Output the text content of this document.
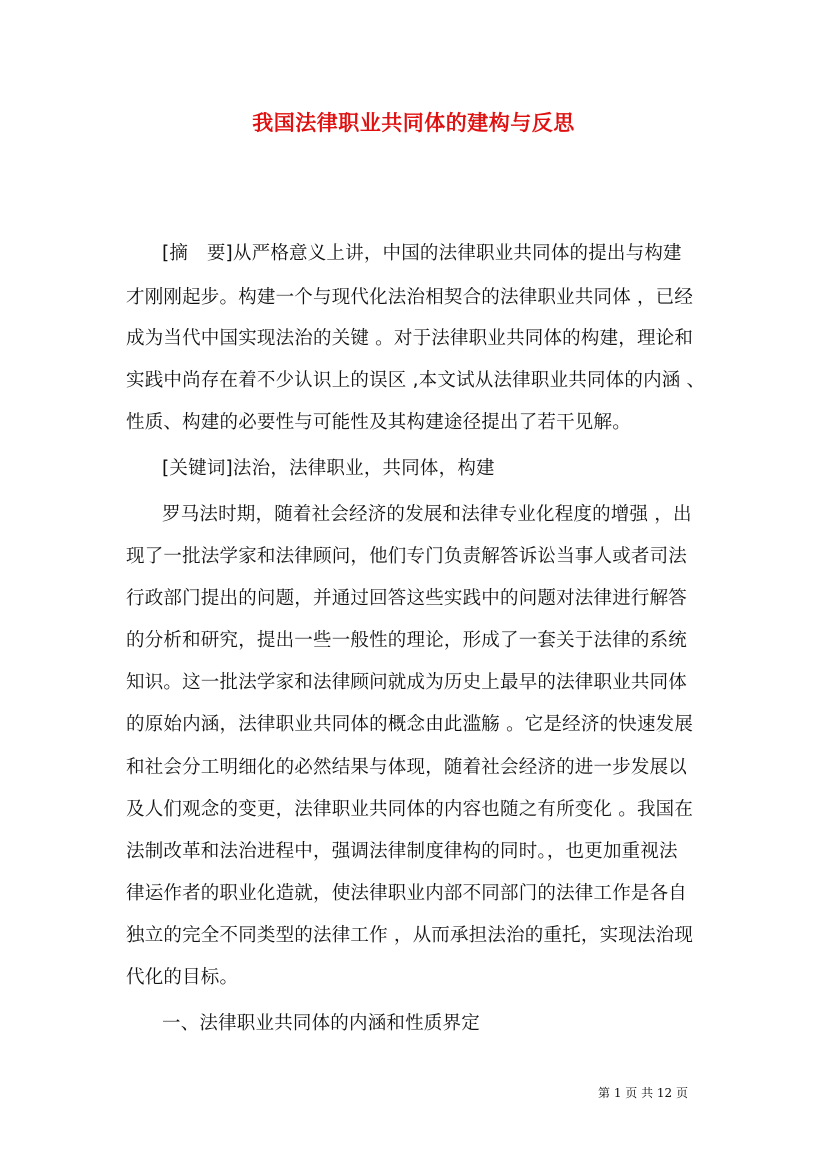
我国法律职业共同体的建构与反思
[摘　要]从严格意义上讲，中国的法律职业共同体的提出与构建
才刚刚起步。构建一个与现代化法治相契合的法律职业共同体 ，已经
成为当代中国实现法治的关键 。对于法律职业共同体的构建，理论和
实践中尚存在着不少认识上的误区 ,本文试从法律职业共同体的内涵 、
性质、构建的必要性与可能性及其构建途径提出了若干见解。
[关键词]法治，法律职业，共同体，构建
罗马法时期，随着社会经济的发展和法律专业化程度的增强 ，出
现了一批法学家和法律顾问，他们专门负责解答诉讼当事人或者司法
行政部门提出的问题，并通过回答这些实践中的问题对法律进行解答
的分析和研究，提出一些一般性的理论，形成了一套关于法律的系统
知识。这一批法学家和法律顾问就成为历史上最早的法律职业共同体
的原始内涵，法律职业共同体的概念由此滥觞 。它是经济的快速发展
和社会分工明细化的必然结果与体现，随着社会经济的进一步发展以
及人们观念的变更，法律职业共同体的内容也随之有所变化 。我国在
法制改革和法治进程中，强调法律制度律构的同时。，也更加重视法
律运作者的职业化造就，使法律职业内部不同部门的法律工作是各自
独立的完全不同类型的法律工作 ，从而承担法治的重托，实现法治现
代化的目标。
一、法律职业共同体的内涵和性质界定
第 1 页 共 12 页
